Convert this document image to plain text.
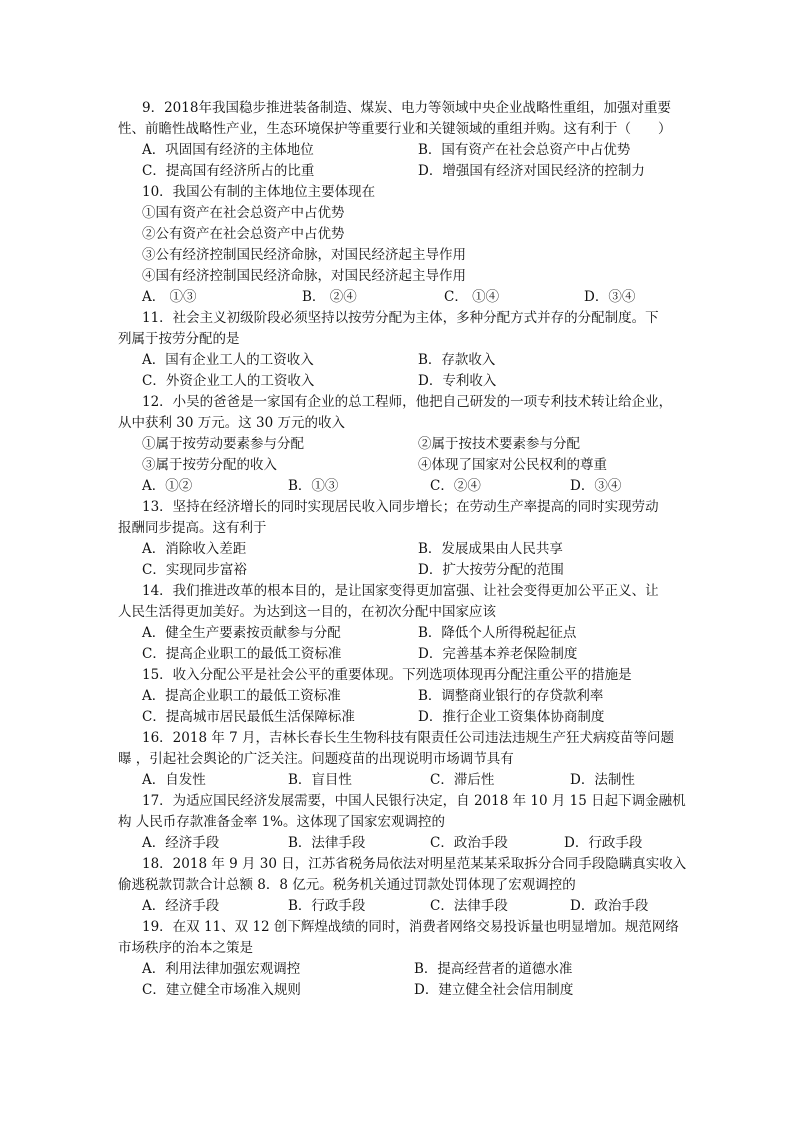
9．2018年我国稳步推进装备制造、煤炭、电力等领域中央企业战略性重组，加强对重要
性、前瞻性战略性产业，生态环境保护等重要行业和关键领域的重组并购。这有利于（　　）
A．巩固国有经济的主体地位	B．国有资产在社会总资产中占优势
C．提高国有经济所占的比重	D．增强国有经济对国民经济的控制力
10．我国公有制的主体地位主要体现在
①国有资产在社会总资产中占优势
②公有资产在社会总资产中占优势
③公有经济控制国民经济命脉，对国民经济起主导作用
④国有经济控制国民经济命脉，对国民经济起主导作用
A． ①③	B． ②④	C． ①④	D．③④
11．社会主义初级阶段必须坚持以按劳分配为主体，多种分配方式并存的分配制度。下
列属于按劳分配的是
A．国有企业工人的工资收入	B．存款收入
C．外资企业工人的工资收入	D．专利收入
12．小吴的爸爸是一家国有企业的总工程师，他把自己研发的一项专利技术转让给企业，
从中获利 30 万元。这 30 万元的收入
①属于按劳动要素参与分配	②属于按技术要素参与分配
③属于按劳分配的收入	④体现了国家对公民权利的尊重
A．①②	B．①③	C．②④	D．③④
13．坚持在经济增长的同时实现居民收入同步增长；在劳动生产率提高的同时实现劳动
报酬同步提高。这有利于
A．消除收入差距	B．发展成果由人民共享
C．实现同步富裕	D．扩大按劳分配的范围
14．我们推进改革的根本目的，是让国家变得更加富强、让社会变得更加公平正义、让
人民生活得更加美好。为达到这一目的，在初次分配中国家应该
A．健全生产要素按贡献参与分配	B．降低个人所得税起征点
C．提高企业职工的最低工资标准	D．完善基本养老保险制度
15．收入分配公平是社会公平的重要体现。下列选项体现再分配注重公平的措施是
A．提高企业职工的最低工资标准	B．调整商业银行的存贷款利率
C．提高城市居民最低生活保障标准	D．推行企业工资集体协商制度
16．2018 年 7 月，吉林长春长生生物科技有限责任公司违法违规生产狂犬病疫苗等问题
曝 ，引起社会舆论的广泛关注。问题疫苗的出现说明市场调节具有
A．自发性	B．盲目性	C．滞后性	D．法制性
17．为适应国民经济发展需要，中国人民银行决定，自 2018 年 10 月 15 日起下调金融机
构 人民币存款准备金率 1%。这体现了国家宏观调控的
A．经济手段	B．法律手段	C．政治手段	D．行政手段
18．2018 年 9 月 30 日，江苏省税务局依法对明星范某某采取拆分合同手段隐瞒真实收入
偷逃税款罚款合计总额 8．8 亿元。税务机关通过罚款处罚体现了宏观调控的
A．经济手段	B．行政手段	C．法律手段	D．政治手段
19．在双 11、双 12 创下辉煌战绩的同时，消费者网络交易投诉量也明显增加。规范网络
市场秩序的治本之策是
A．利用法律加强宏观调控	B．提高经营者的道德水准
C．建立健全市场准入规则	D．建立健全社会信用制度
